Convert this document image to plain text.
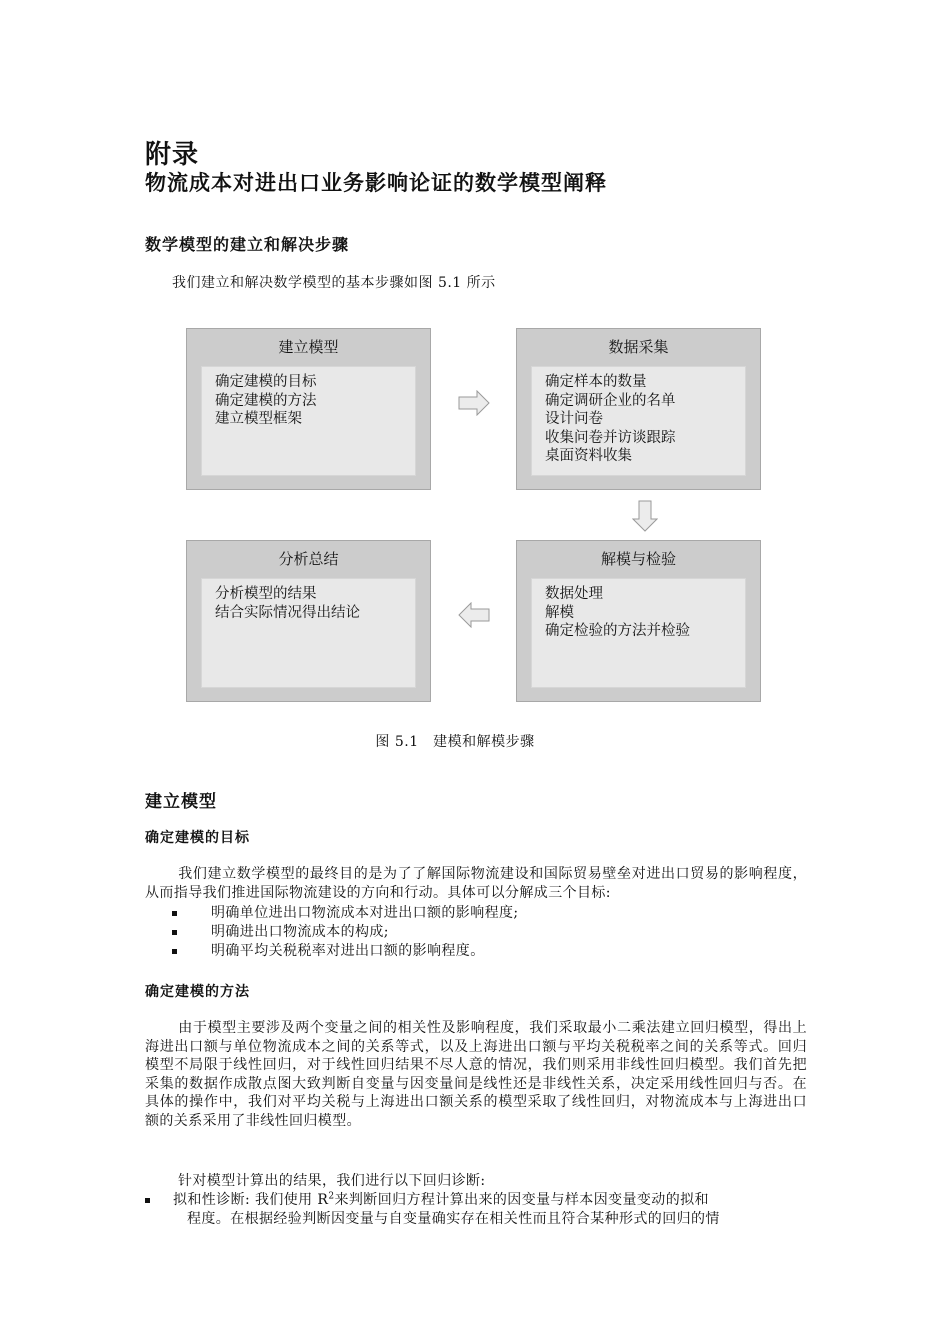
附录
物流成本对进出口业务影响论证的数学模型阐释
数学模型的建立和解决步骤
我们建立和解决数学模型的基本步骤如图 5.1 所示
建立模型
确定建模的目标
确定建模的方法
建立模型框架
数据采集
确定样本的数量
确定调研企业的名单
设计问卷
收集问卷并访谈跟踪
桌面资料收集
分析总结
分析模型的结果
结合实际情况得出结论
解模与检验
数据处理
解模
确定检验的方法并检验
图 5.1　建模和解模步骤
建立模型
确定建模的目标
我们建立数学模型的最终目的是为了了解国际物流建设和国际贸易壁垒对进出口贸易的影响程度，从而指导我们推进国际物流建设的方向和行动。具体可以分解成三个目标:
明确单位进出口物流成本对进出口额的影响程度;
明确进出口物流成本的构成;
明确平均关税税率对进出口额的影响程度。
确定建模的方法
由于模型主要涉及两个变量之间的相关性及影响程度，我们采取最小二乘法建立回归模型，得出上海进出口额与单位物流成本之间的关系等式，以及上海进出口额与平均关税税率之间的关系等式。回归模型不局限于线性回归，对于线性回归结果不尽人意的情况，我们则采用非线性回归模型。我们首先把采集的数据作成散点图大致判断自变量与因变量间是线性还是非线性关系，决定采用线性回归与否。在具体的操作中，我们对平均关税与上海进出口额关系的模型采取了线性回归，对物流成本与上海进出口额的关系采用了非线性回归模型。
针对模型计算出的结果，我们进行以下回归诊断:
拟和性诊断: 我们使用 $R^2$来判断回归方程计算出来的因变量与样本因变量变动的拟和
程度。在根据经验判断因变量与自变量确实存在相关性而且符合某种形式的回归的情
